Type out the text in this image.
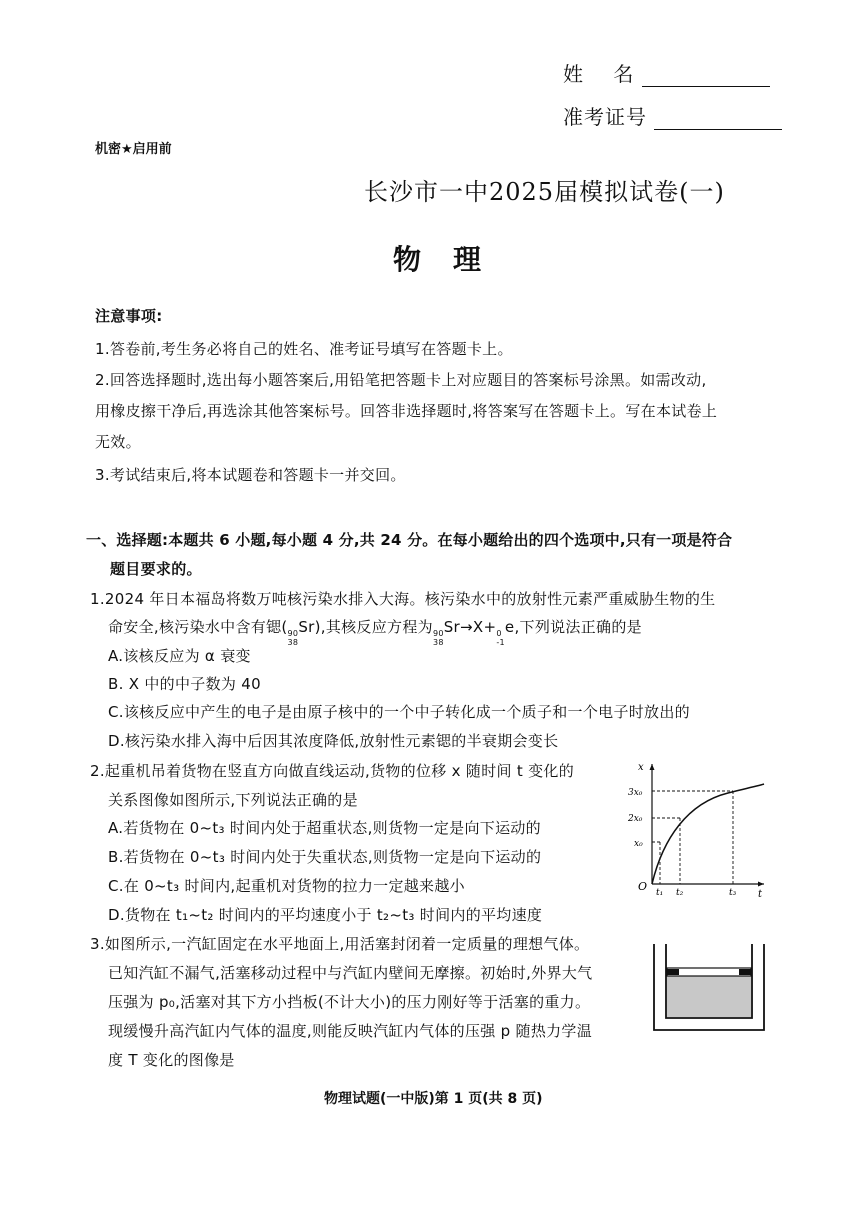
姓    名
准考证号
机密★启用前
长沙市一中2025届模拟试卷(一)
物理
注意事项:
1.答卷前,考生务必将自己的姓名、准考证号填写在答题卡上。
2.回答选择题时,选出每小题答案后,用铅笔把答题卡上对应题目的答案标号涂黑。如需改动,
用橡皮擦干净后,再选涂其他答案标号。回答非选择题时,将答案写在答题卡上。写在本试卷上
无效。
3.考试结束后,将本试题卷和答题卡一并交回。
一、选择题:本题共 6 小题,每小题 4 分,共 24 分。在每小题给出的四个选项中,只有一项是符合
题目要求的。
1.2024 年日本福岛将数万吨核污染水排入大海。核污染水中的放射性元素严重威胁生物的生
命安全,核污染水中含有锶( 90
38
Sr),其核反应方程为 90
38
Sr→X+ 0
-1
e,下列说法正确的是
A.该核反应为 α 衰变
B. X 中的中子数为 40
C.该核反应中产生的电子是由原子核中的一个中子转化成一个质子和一个电子时放出的
D.核污染水排入海中后因其浓度降低,放射性元素锶的半衰期会变长
2.起重机吊着货物在竖直方向做直线运动,货物的位移 x 随时间 t 变化的
关系图像如图所示,下列说法正确的是
A.若货物在 0~t₃ 时间内处于超重状态,则货物一定是向下运动的
B.若货物在 0~t₃ 时间内处于失重状态,则货物一定是向下运动的
C.在 0~t₃ 时间内,起重机对货物的拉力一定越来越小
D.货物在 t₁~t₂ 时间内的平均速度小于 t₂~t₃ 时间内的平均速度
x
t
O
3x₀
2x₀
x₀
t₁ t₂	t₃
3.如图所示,一汽缸固定在水平地面上,用活塞封闭着一定质量的理想气体。
已知汽缸不漏气,活塞移动过程中与汽缸内壁间无摩擦。初始时,外界大气
压强为 p₀,活塞对其下方小挡板(不计大小)的压力刚好等于活塞的重力。
现缓慢升高汽缸内气体的温度,则能反映汽缸内气体的压强 p 随热力学温
度 T 变化的图像是
物理试题(一中版)第 1 页(共 8 页)
